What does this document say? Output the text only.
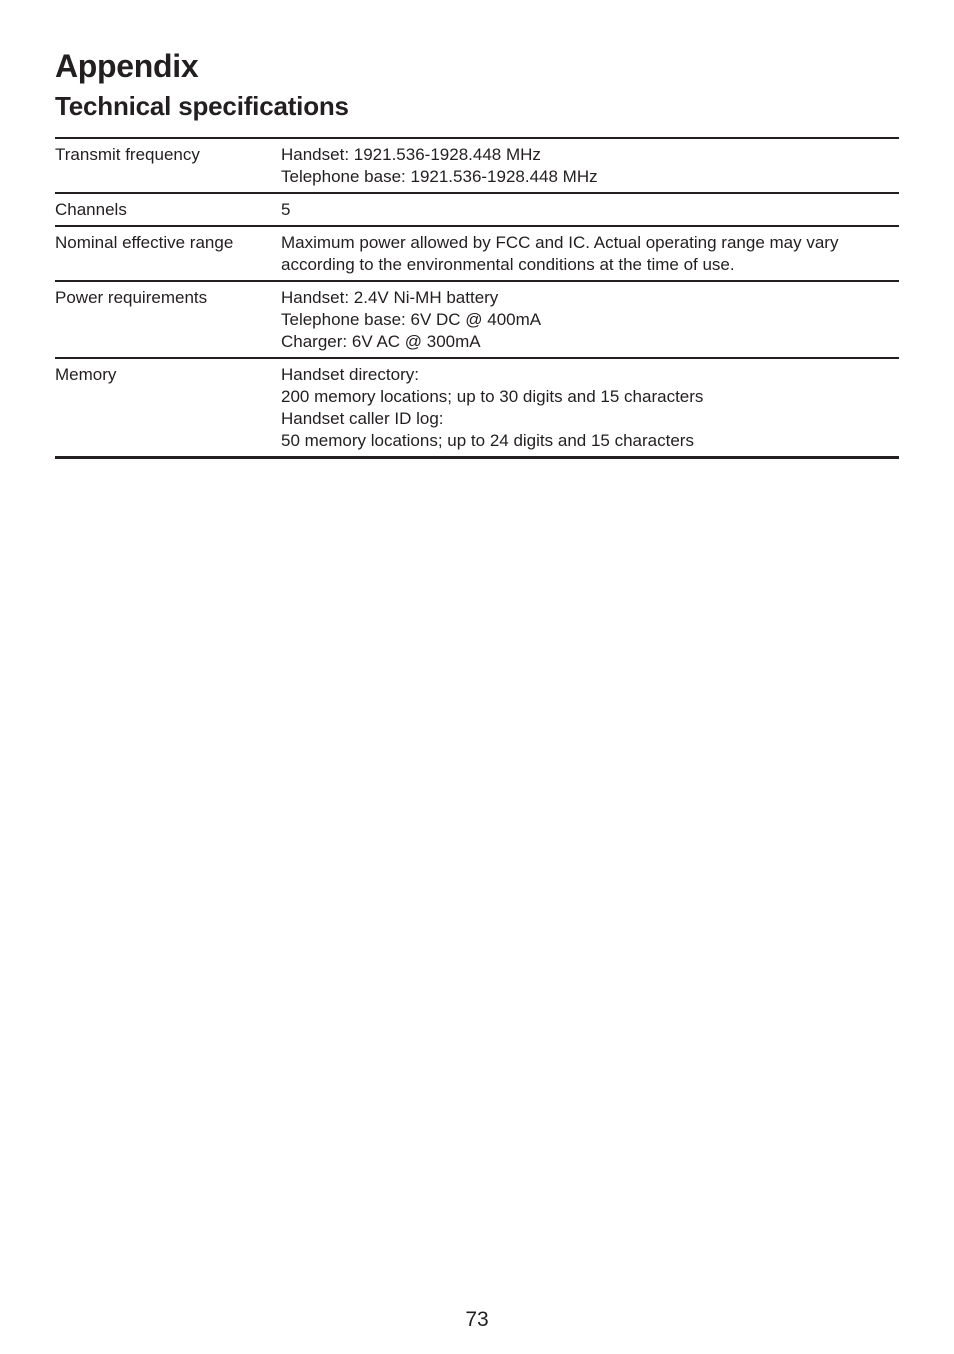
Appendix
Technical specifications
Transmit frequency	Handset: 1921.536-1928.448 MHz
Telephone base: 1921.536-1928.448 MHz

Channels	5

Nominal effective range	Maximum power allowed by FCC and IC. Actual operating range may vary
according to the environmental conditions at the time of use.

Power requirements	Handset: 2.4V Ni-MH battery
Telephone base: 6V DC @ 400mA
Charger: 6V AC @ 300mA

Memory	Handset directory:
200 memory locations; up to 30 digits and 15 characters
Handset caller ID log:
50 memory locations; up to 24 digits and 15 characters
73
